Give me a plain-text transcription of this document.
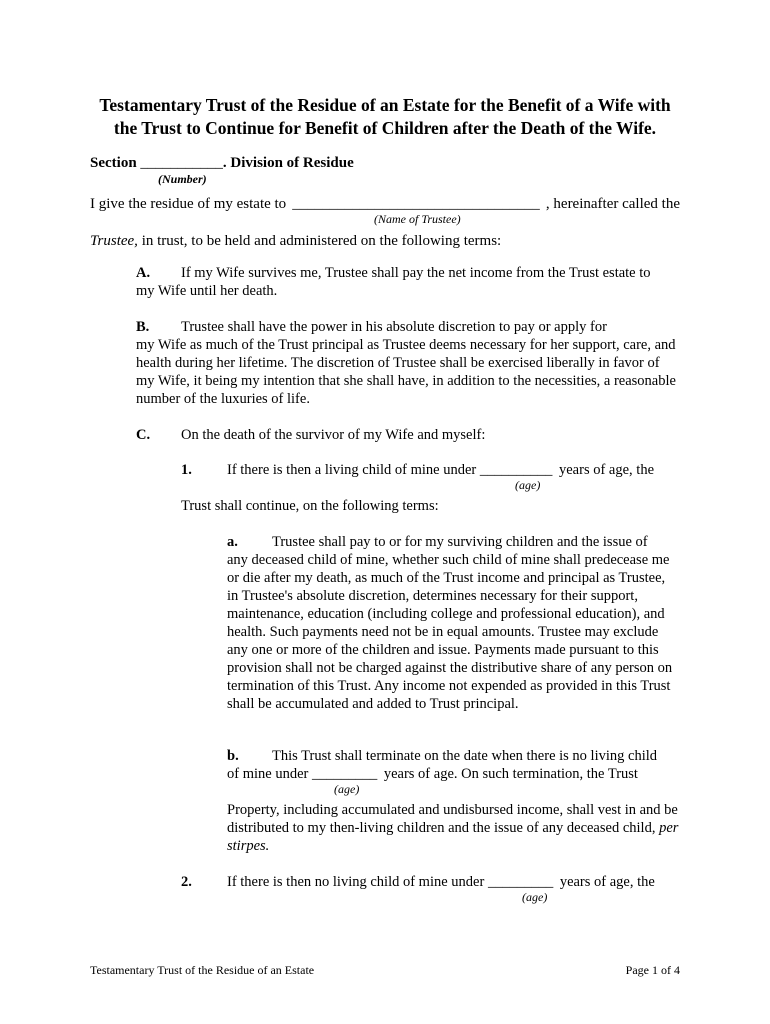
Testamentary Trust of the Residue of an Estate for the Benefit of a Wife with
the Trust to Continue for Benefit of Children after the Death of the Wife.
Section ___________. Division of Residue
(Number)
I give the residue of my estate to _________________________________ , hereinafter called the
(Name of Trustee)
Trustee, in trust, to be held and administered on the following terms:
A. If my Wife survives me, Trustee shall pay the net income from the Trust estate to
my Wife until her death.
B. Trustee shall have the power in his absolute discretion to pay or apply for
my Wife as much of the Trust principal as Trustee deems necessary for her support, care, and health during her lifetime. The discretion of Trustee shall be exercised liberally in favor of my Wife, it being my intention that she shall have, in addition to the necessities, a reasonable number of the luxuries of life.
C. On the death of the survivor of my Wife and myself:
1. If there is then a living child of mine under __________ years of age, the
(age)
Trust shall continue, on the following terms:
a. Trustee shall pay to or for my surviving children and the issue of
any deceased child of mine, whether such child of mine shall predecease me or die after my death, as much of the Trust income and principal as Trustee, in Trustee's absolute discretion, determines necessary for their support, maintenance, education (including college and professional education), and health. Such payments need not be in equal amounts. Trustee may exclude any one or more of the children and issue. Payments made pursuant to this provision shall not be charged against the distributive share of any person on termination of this Trust. Any income not expended as provided in this Trust shall be accumulated and added to Trust principal.
b. This Trust shall terminate on the date when there is no living child
of mine under _________ years of age. On such termination, the Trust
(age)
Property, including accumulated and undisbursed income, shall vest in and be distributed to my then-living children and the issue of any deceased child, per stirpes.
2. If there is then no living child of mine under _________ years of age, the
(age)
Testamentary Trust of the Residue of an Estate	Page 1 of 4
